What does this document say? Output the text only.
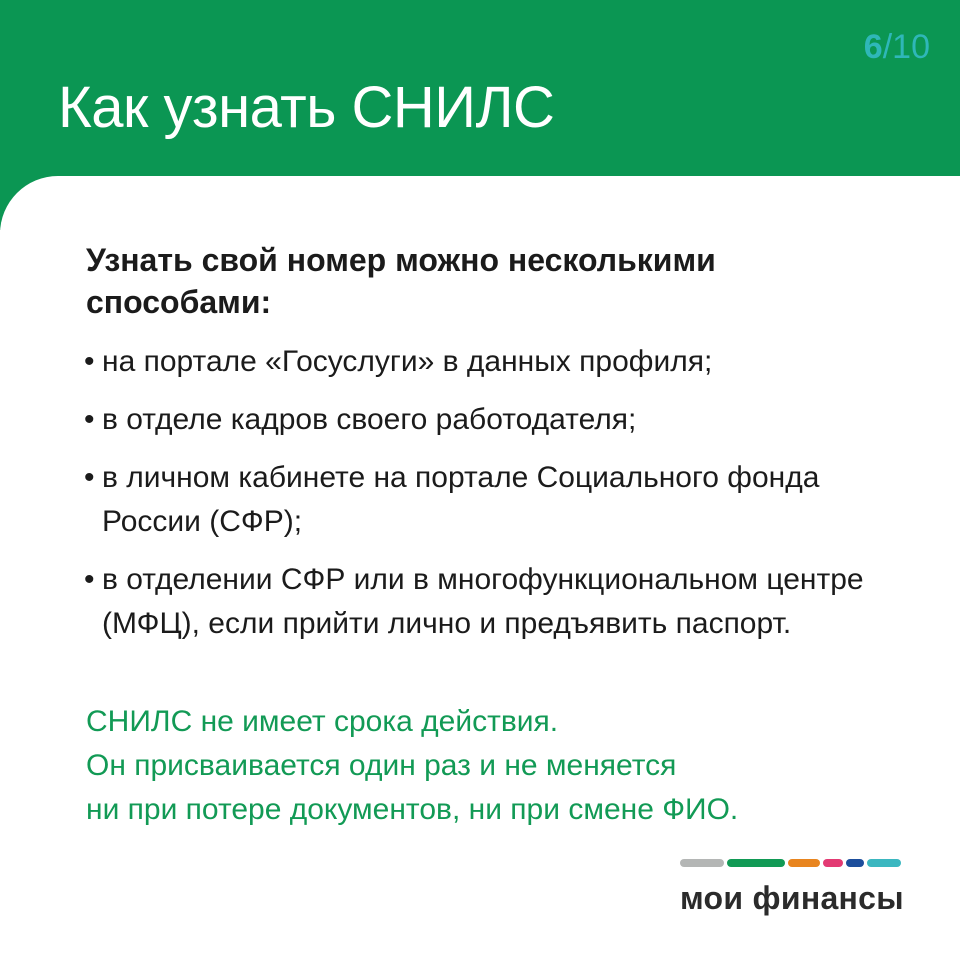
Как узнать СНИЛС
6/10

Узнать свой номер можно несколькими способами:

• на портале «Госуслуги» в данных профиля;
• в отделе кадров своего работодателя;
• в личном кабинете на портале Социального фонда России (СФР);
• в отделении СФР или в многофункциональном центре (МФЦ), если прийти лично и предъявить паспорт.

СНИЛС не имеет срока действия.
Он присваивается один раз и не меняется
ни при потере документов, ни при смене ФИО.

мои финансы
